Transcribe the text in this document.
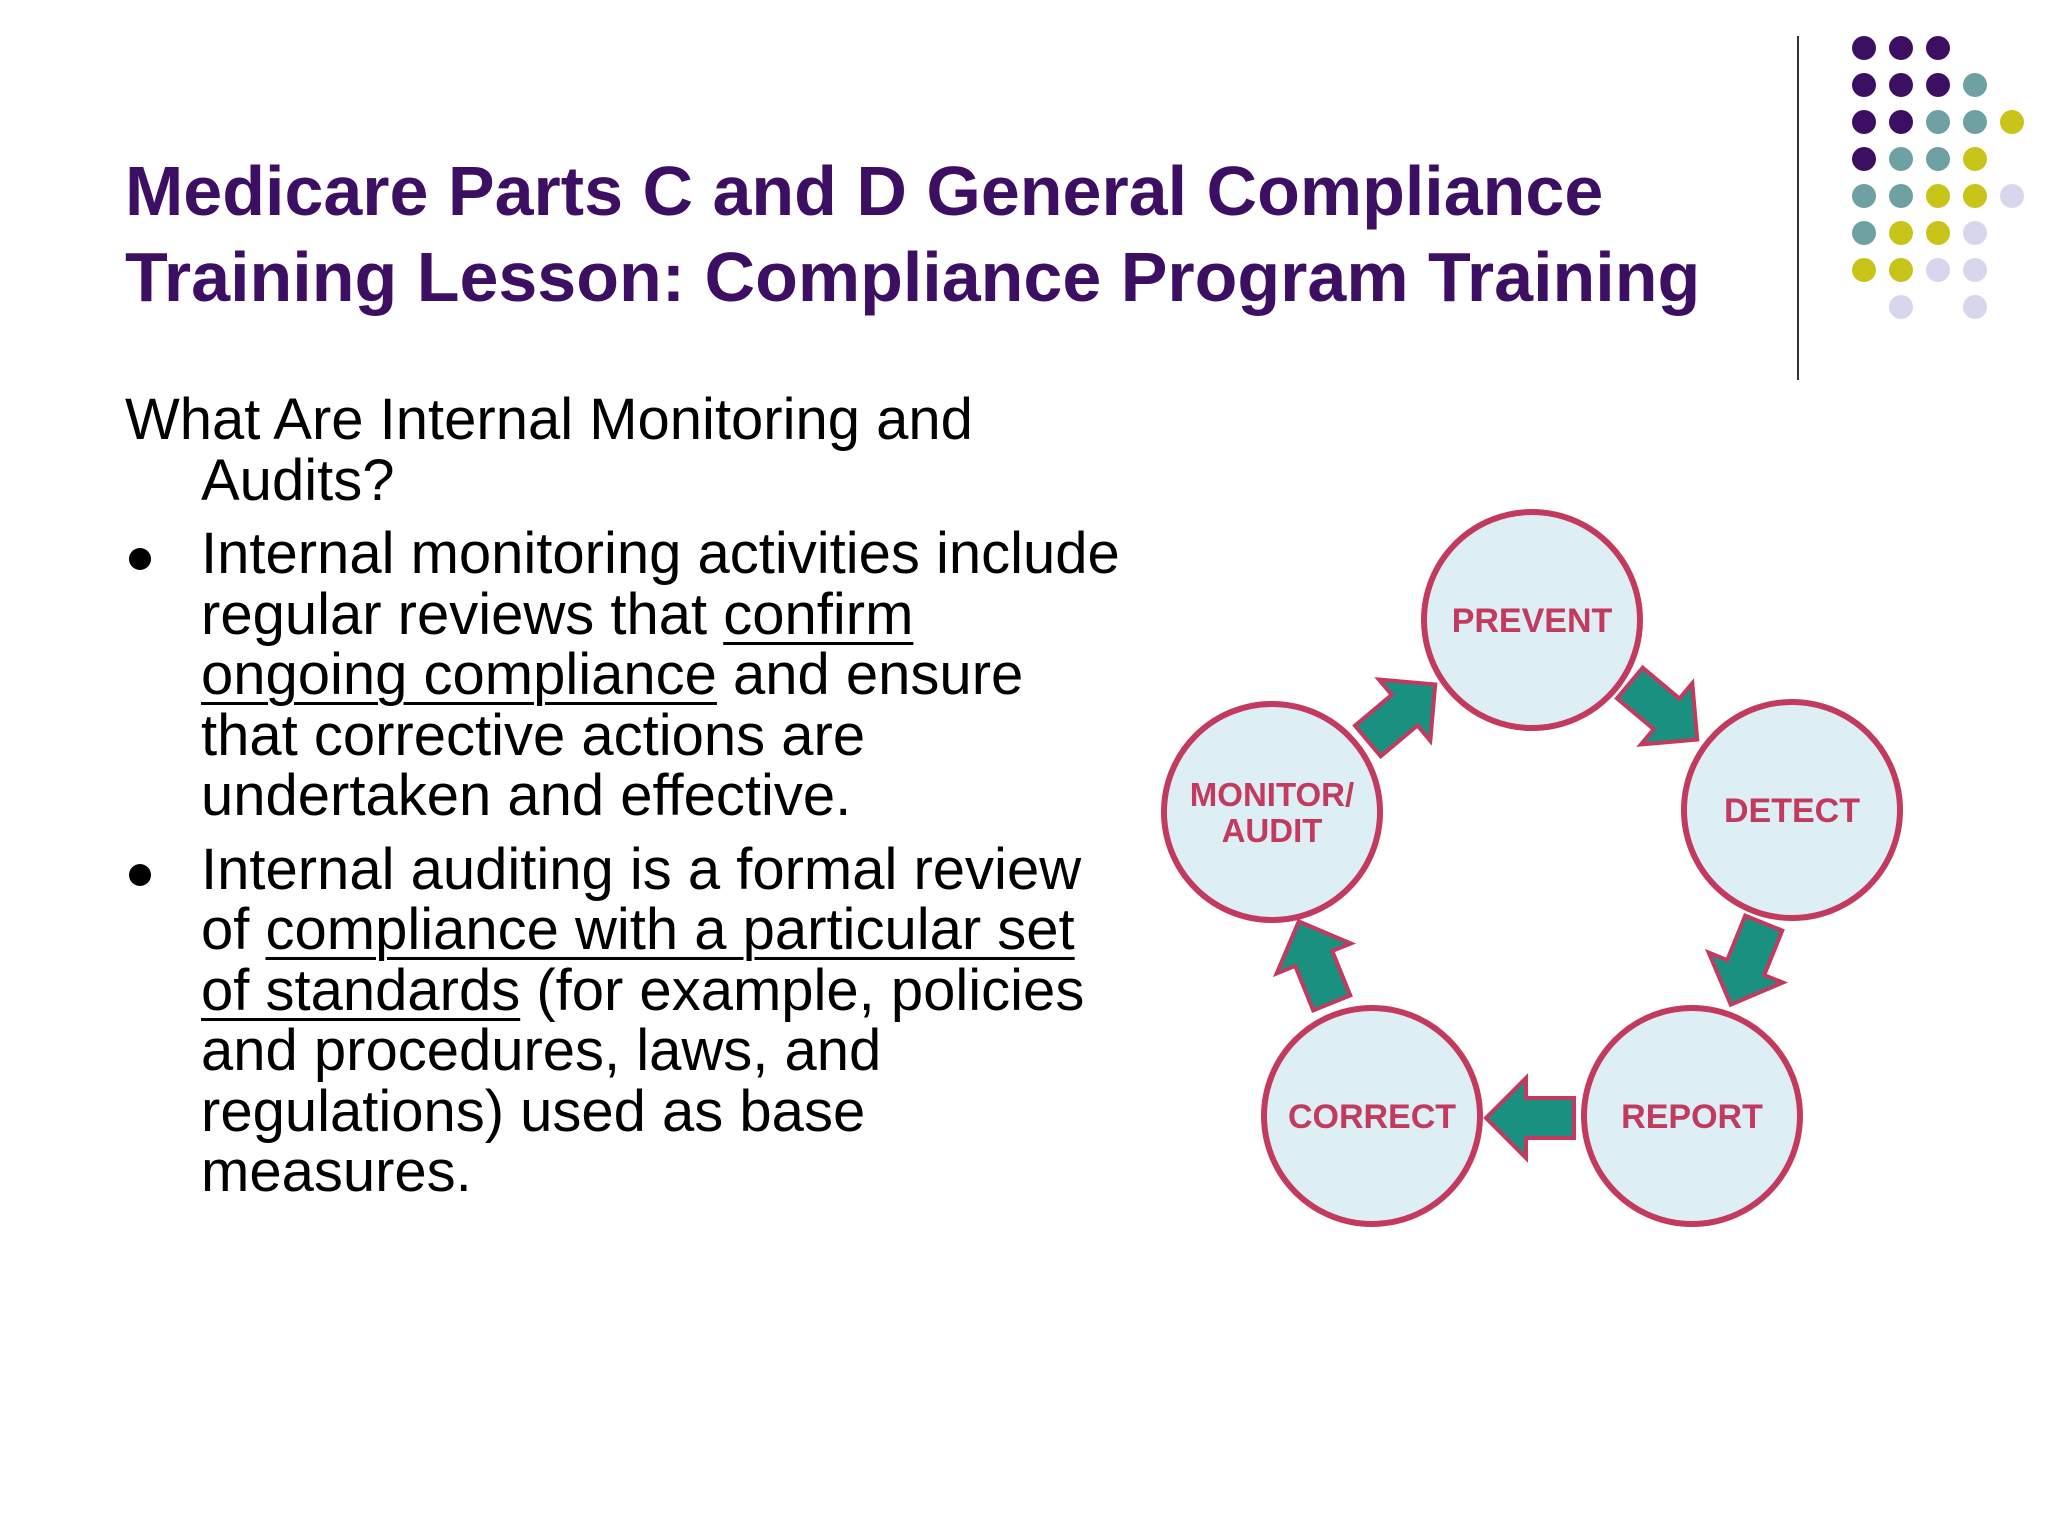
Medicare Parts C and D General Compliance
Training Lesson: Compliance Program Training

What Are Internal Monitoring and Audits?

Internal monitoring activities include regular reviews that confirm ongoing compliance and ensure that corrective actions are undertaken and effective.
Internal auditing is a formal review of compliance with a particular set of standards (for example, policies and procedures, laws, and regulations) used as base measures.
PREVENT
DETECT
REPORT
CORRECT
MONITOR/
AUDIT
